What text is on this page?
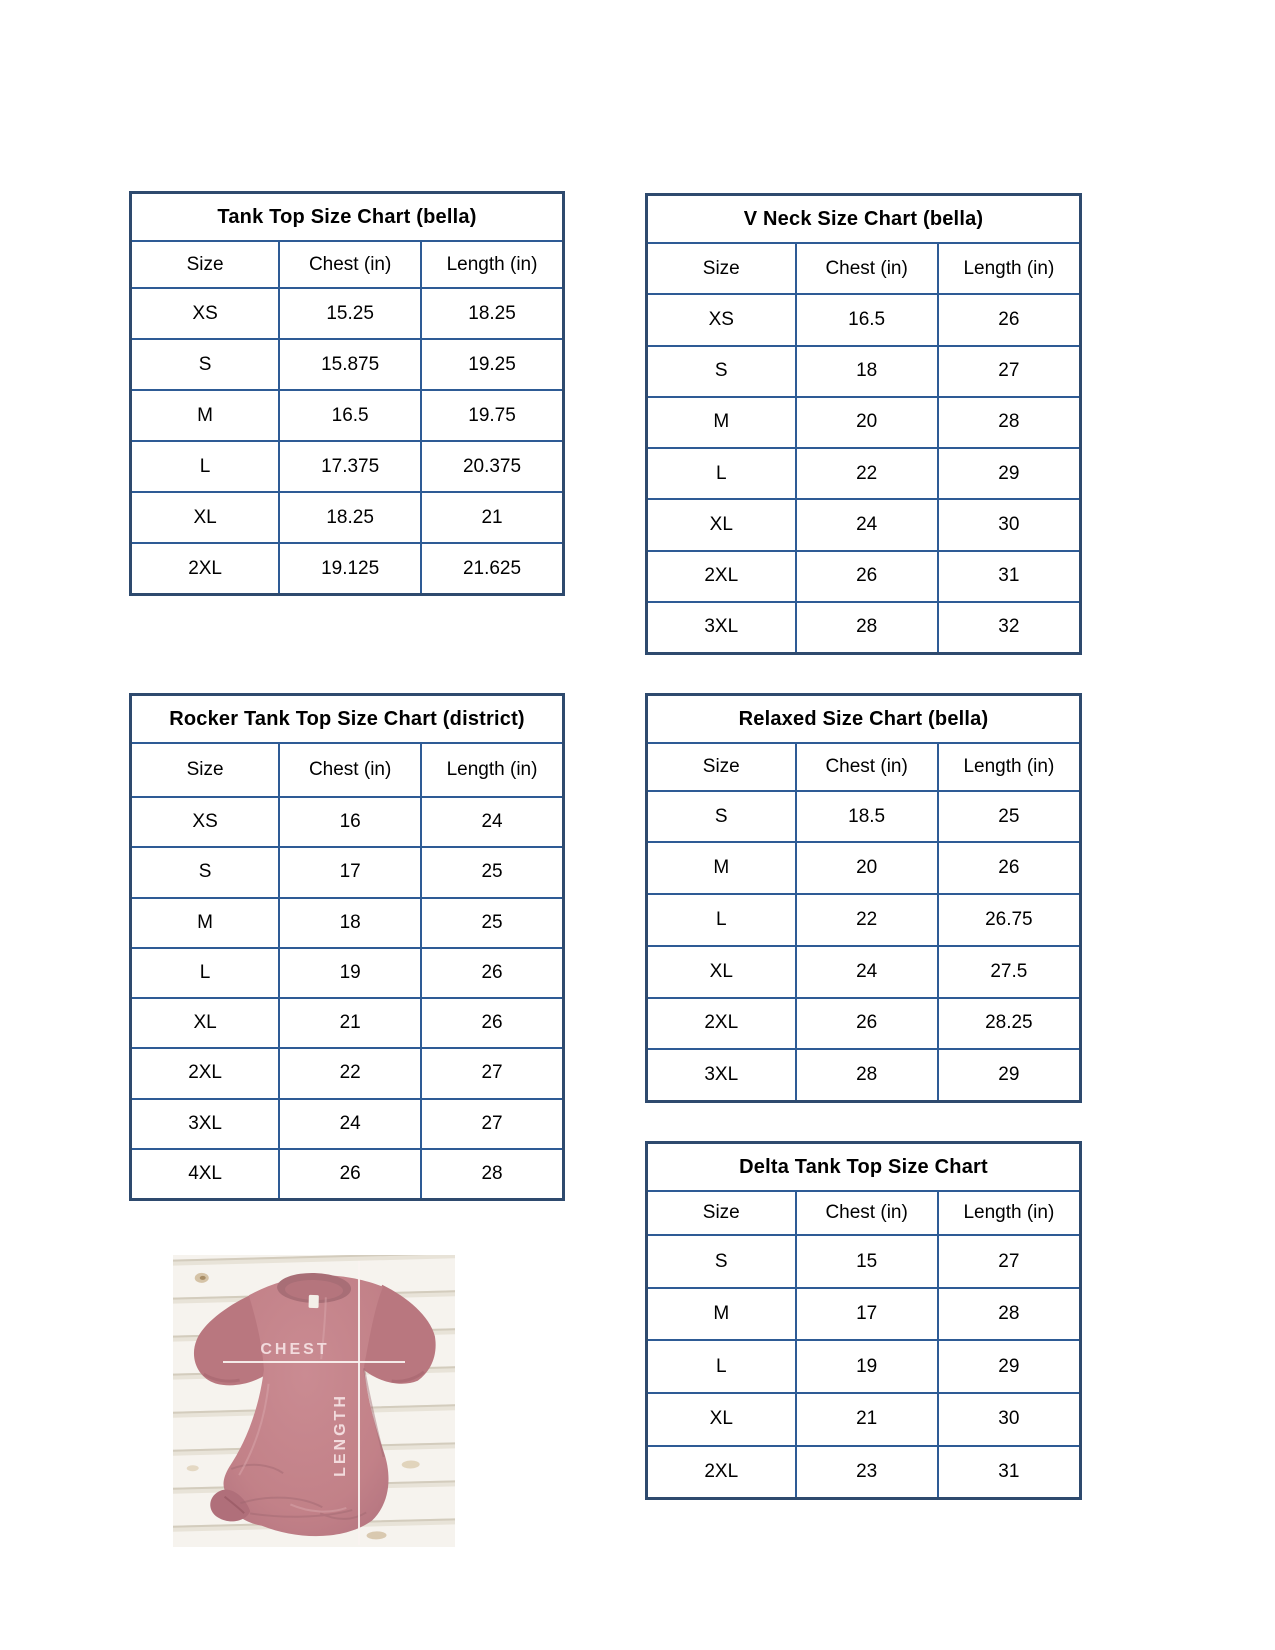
Tank Top Size Chart (bella)
Size	Chest (in)	Length (in)
XS	15.25	18.25
S	15.875	19.25
M	16.5	19.75
L	17.375	20.375
XL	18.25	21
2XL	19.125	21.625
V Neck Size Chart (bella)
Size	Chest (in)	Length (in)
XS	16.5	26
S	18	27
M	20	28
L	22	29
XL	24	30
2XL	26	31
3XL	28	32
Rocker Tank Top Size Chart (district)
Size	Chest (in)	Length (in)
XS	16	24
S	17	25
M	18	25
L	19	26
XL	21	26
2XL	22	27
3XL	24	27
4XL	26	28
Relaxed Size Chart (bella)
Size	Chest (in)	Length (in)
S	18.5	25
M	20	26
L	22	26.75
XL	24	27.5
2XL	26	28.25
3XL	28	29
Delta Tank Top Size Chart
Size	Chest (in)	Length (in)
S	15	27
M	17	28
L	19	29
XL	21	30
2XL	23	31
CHEST
LENGTH
